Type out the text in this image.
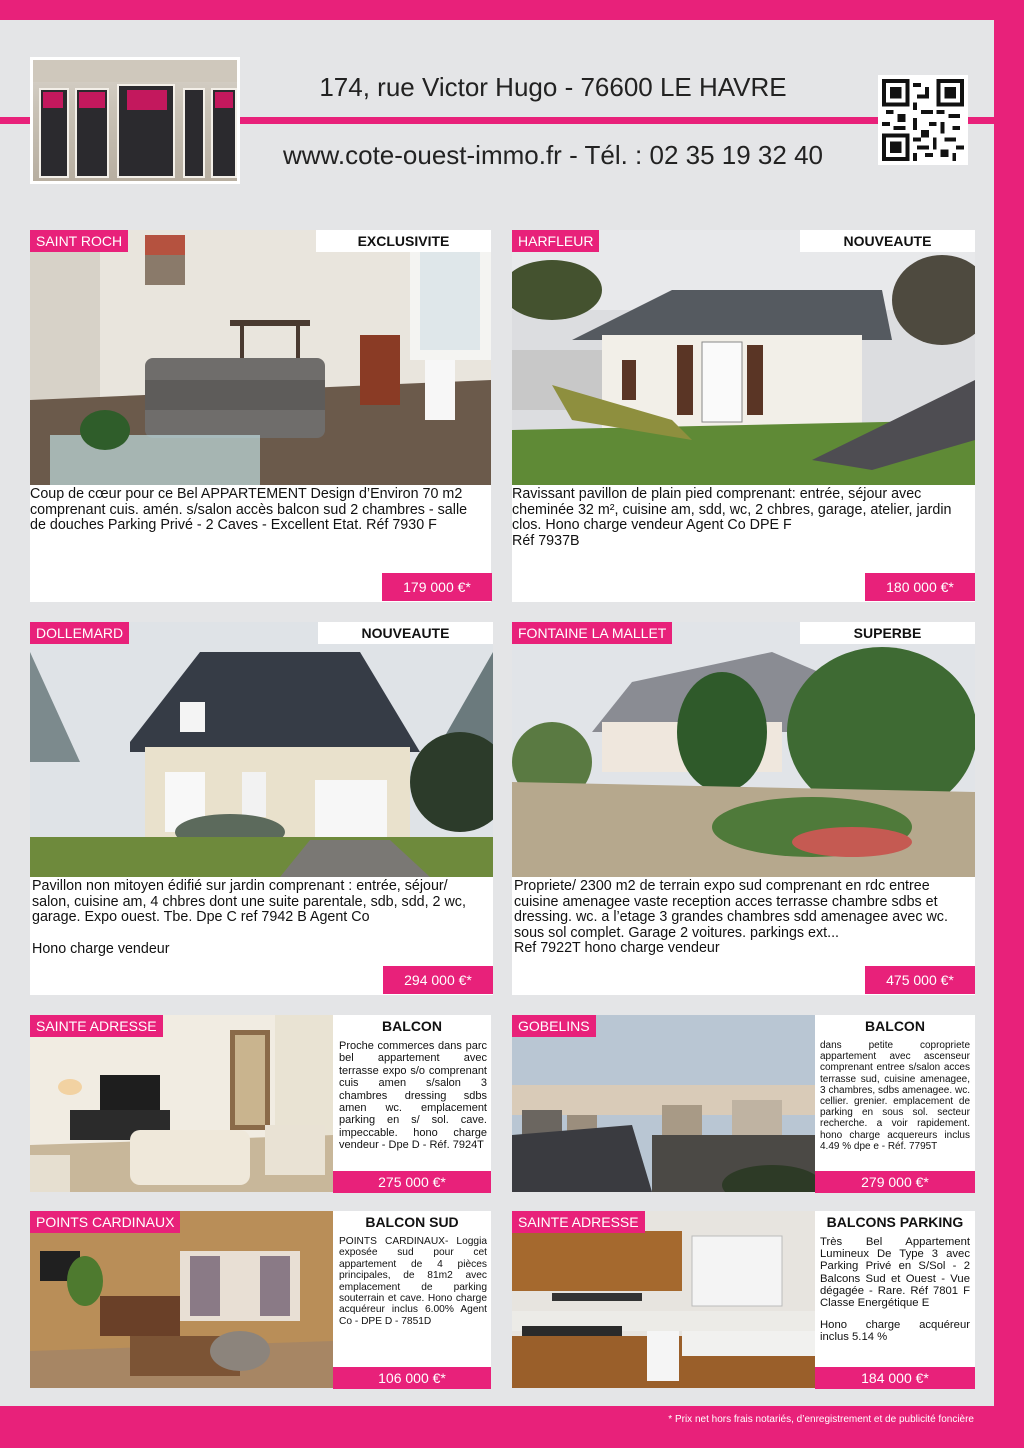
174, rue Victor Hugo - 76600 LE HAVRE
www.cote-ouest-immo.fr - Tél. : 02 35 19 32 40
SAINT ROCH	EXCLUSIVITE
Coup de cœur pour ce Bel APPARTEMENT Design d’Environ 70 m2
comprenant cuis. amén. s/salon accès balcon sud 2 chambres - salle
de douches Parking Privé - 2 Caves - Excellent Etat. Réf 7930 F
179 000 €*
HARFLEUR	NOUVEAUTE
Ravissant pavillon de plain pied comprenant: entrée, séjour avec
cheminée 32 m², cuisine am, sdd, wc, 2 chbres, garage, atelier, jardin
clos. Hono charge vendeur Agent Co DPE F
Réf 7937B
180 000 €*
DOLLEMARD	NOUVEAUTE
Pavillon non mitoyen édifié sur jardin comprenant : entrée, séjour/
salon, cuisine am, 4 chbres dont une suite parentale, sdb, sdd, 2 wc,
garage. Expo ouest. Tbe. Dpe C ref 7942 B Agent Co
Hono charge vendeur
294 000 €*
FONTAINE LA MALLET	SUPERBE
Propriete/ 2300 m2 de terrain expo sud comprenant en rdc entree
cuisine amenagee vaste reception acces terrasse chambre sdbs et
dressing. wc. a l’etage 3 grandes chambres sdd amenagee avec wc.
sous sol complet. Garage 2 voitures. parkings ext...
Ref 7922T hono charge vendeur
475 000 €*
SAINTE ADRESSE	BALCON
Proche commerces dans parc bel appartement avec terrasse expo s/o comprenant cuis amen s/salon 3 chambres dressing sdbs amen wc. emplacement parking en s/ sol. cave. impeccable. hono charge vendeur - Dpe D - Réf. 7924T
275 000 €*
GOBELINS	BALCON
dans petite copropriete appartement avec ascenseur comprenant entree s/salon acces terrasse sud, cuisine amenagee, 3 chambres, sdbs amenagee. wc. cellier. grenier. emplacement de parking en sous sol. secteur recherche. a voir rapidement. hono charge acquereurs inclus 4.49 % dpe e - Réf. 7795T
279 000 €*
POINTS CARDINAUX	BALCON SUD
POINTS CARDINAUX- Loggia exposée sud pour cet appartement de 4 pièces principales, de 81m2 avec emplacement de parking souterrain et cave. Hono charge acquéreur inclus 6.00% Agent Co - DPE D - 7851D
106 000 €*
SAINTE ADRESSE	BALCONS PARKING
Très Bel Appartement Lumineux De Type 3 avec Parking Privé en S/Sol - 2 Balcons Sud et Ouest - Vue dégagée - Rare. Réf 7801 F Classe Energétique E
Hono charge acquéreur inclus 5.14 %
184 000 €*
* Prix net hors frais notariés, d’enregistrement et de publicité foncière
